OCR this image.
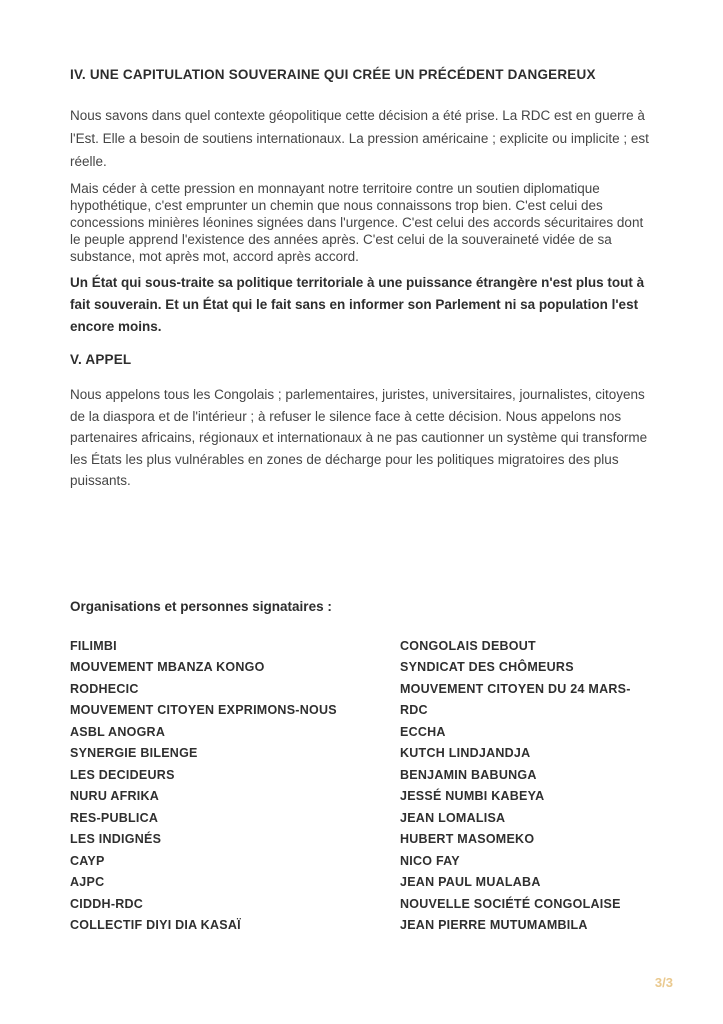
IV. UNE CAPITULATION SOUVERAINE QUI CRÉE UN PRÉCÉDENT DANGEREUX

Nous savons dans quel contexte géopolitique cette décision a été prise. La RDC est en guerre à l'Est. Elle a besoin de soutiens internationaux. La pression américaine ; explicite ou implicite ; est réelle.

Mais céder à cette pression en monnayant notre territoire contre un soutien diplomatique hypothétique, c'est emprunter un chemin que nous connaissons trop bien. C'est celui des concessions minières léonines signées dans l'urgence. C'est celui des accords sécuritaires dont le peuple apprend l'existence des années après. C'est celui de la souveraineté vidée de sa substance, mot après mot, accord après accord.

Un État qui sous-traite sa politique territoriale à une puissance étrangère n'est plus tout à fait souverain. Et un État qui le fait sans en informer son Parlement ni sa population l'est encore moins.

V. APPEL

Nous appelons tous les Congolais ; parlementaires, juristes, universitaires, journalistes, citoyens de la diaspora et de l'intérieur ; à refuser le silence face à cette décision. Nous appelons nos partenaires africains, régionaux et internationaux à ne pas cautionner un système qui transforme les États les plus vulnérables en zones de décharge pour les politiques migratoires des plus puissants.

Organisations et personnes signataires :
FILIMBI
MOUVEMENT MBANZA KONGO
RODHECIC
MOUVEMENT CITOYEN EXPRIMONS-NOUS
ASBL ANOGRA
SYNERGIE BILENGE
LES DECIDEURS
NURU AFRIKA
RES-PUBLICA
LES INDIGNÉS
CAYP
AJPC
CIDDH-RDC
COLLECTIF DIYI DIA KASAÏ
CONGOLAIS DEBOUT
SYNDICAT DES CHÔMEURS
MOUVEMENT CITOYEN DU 24 MARS-RDC
ECCHA
KUTCH LINDJANDJA
BENJAMIN BABUNGA
JESSÉ NUMBI KABEYA
JEAN LOMALISA
HUBERT MASOMEKO
NICO FAY
JEAN PAUL MUALABA
NOUVELLE SOCIÉTÉ CONGOLAISE
JEAN PIERRE MUTUMAMBILA
3/3
